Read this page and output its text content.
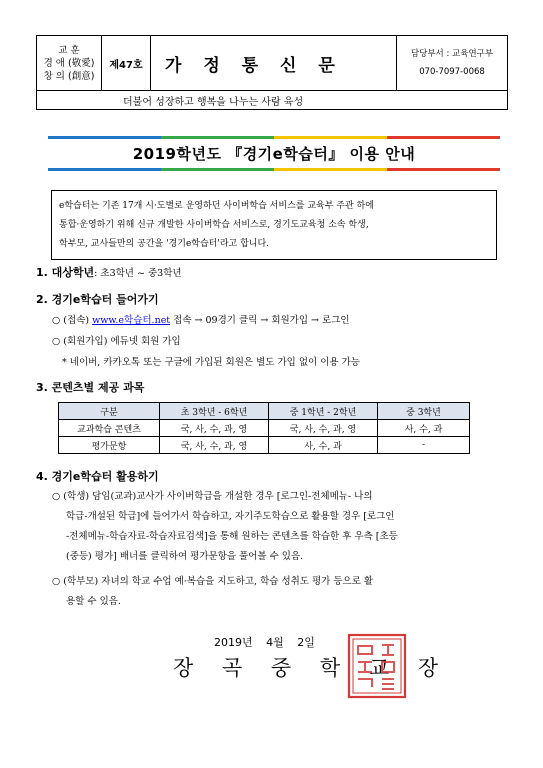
교 훈
경 애 (敬愛)
창 의 (創意)
	제47호	가 정 통 신 문	
담당부서 : 교육연구부
070-7097-0068

더불어 성장하고 행복을 나누는 사람 육성
2019학년도 『경기e학습터』 이용 안내
e학습터는 기존 17개 시·도별로 운영하던 사이버학습 서비스를 교육부 주관 하에
통합·운영하기 위해 신규 개발한 사이버학습 서비스로, 경기도교육청 소속 학생,
학부모, 교사들만의 공간을 '경기e학습터'라고 합니다.
1. 대상학년: 초3학년 ~ 중3학년
2. 경기e학습터 들어가기
○ (접속) www.e학습터.net 접속 → 09경기 클릭 → 회원가입 → 로그인
○ (회원가입) 에듀넷 회원 가입
* 네이버, 카카오톡 또는 구글에 가입된 회원은 별도 가입 없이 이용 가능
3. 콘텐츠별 제공 과목
구분	초 3학년 - 6학년	중 1학년 - 2학년	중 3학년
교과학습 콘텐츠	국, 사, 수, 과, 영	국, 사, 수, 과, 영	사, 수, 과
평가문항	국, 사, 수, 과, 영	사, 수, 과	-
4. 경기e학습터 활용하기
○ (학생) 담임(교과)교사가 사이버학급을 개설한 경우 [로그인-전체메뉴- 나의
학급-개설된 학급]에 들어가서 학습하고, 자기주도학습으로 활용할 경우 [로그인
-전체메뉴-학습자료-학습자료검색]을 통해 원하는 콘텐츠를 학습한 후 우측 [초등
(중등) 평가] 배너를 클릭하여 평가문항을 풀어볼 수 있음.
○ (학부모) 자녀의 학교 수업 예·복습을 지도하고, 학습 성취도 평가 등으로 활
용할 수 있음.
2019년 4월 2일
장 곡 중 학 교 장
